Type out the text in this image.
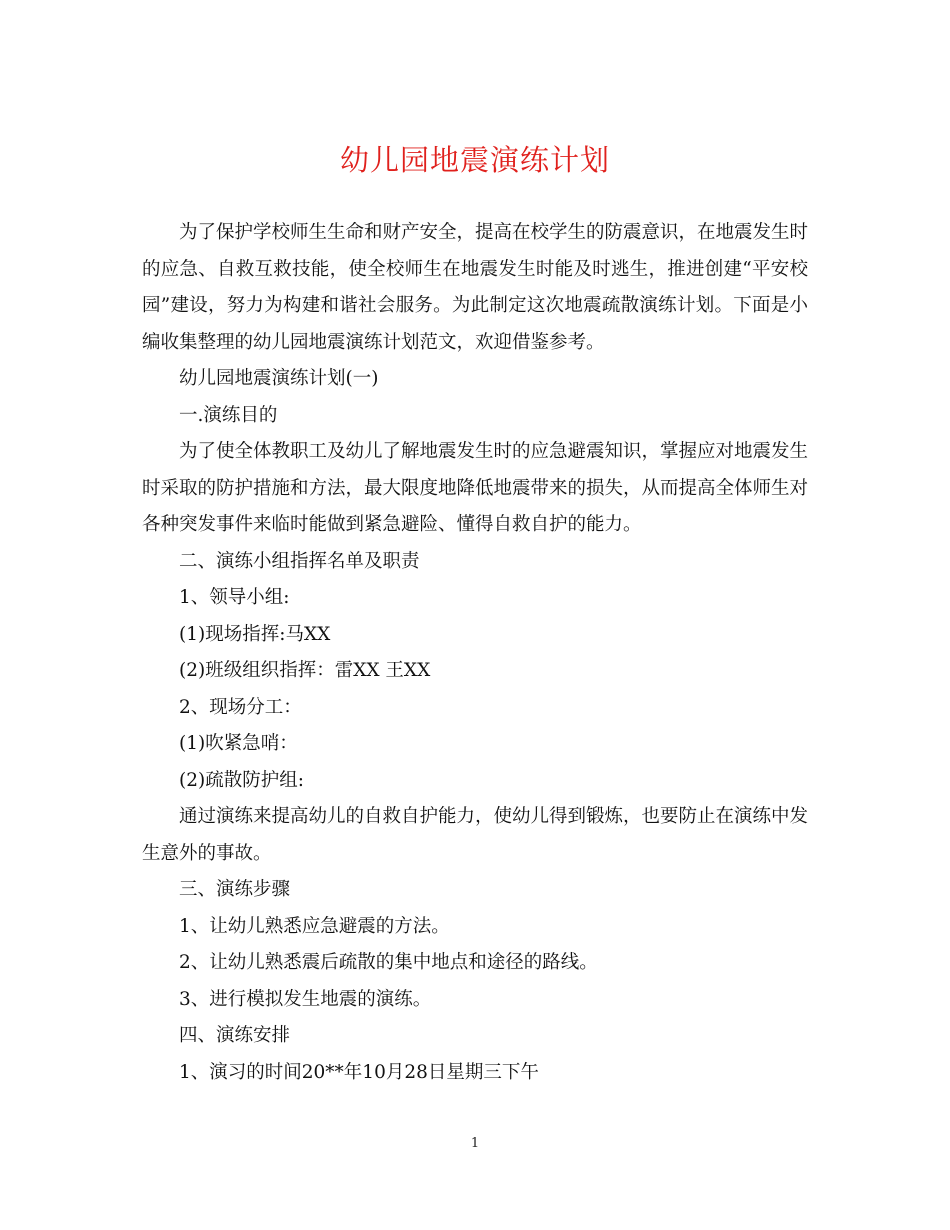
幼儿园地震演练计划

为了保护学校师生生命和财产安全，提高在校学生的防震意识，在地震发生时的应急、自救互救技能，使全校师生在地震发生时能及时逃生，推进创建“平安校园”建设，努力为构建和谐社会服务。为此制定这次地震疏散演练计划。下面是小编收集整理的幼儿园地震演练计划范文，欢迎借鉴参考。

幼儿园地震演练计划(一)

一.演练目的

为了使全体教职工及幼儿了解地震发生时的应急避震知识，掌握应对地震发生时采取的防护措施和方法，最大限度地降低地震带来的损失，从而提高全体师生对各种突发事件来临时能做到紧急避险、懂得自救自护的能力。

二、演练小组指挥名单及职责

1、领导小组:

(1)现场指挥:马XX

(2)班级组织指挥：雷XX 王XX

2、现场分工：

(1)吹紧急哨：

(2)疏散防护组:

通过演练来提高幼儿的自救自护能力，使幼儿得到锻炼，也要防止在演练中发生意外的事故。

三、演练步骤

1、让幼儿熟悉应急避震的方法。

2、让幼儿熟悉震后疏散的集中地点和途径的路线。

3、进行模拟发生地震的演练。

四、演练安排

1、演习的时间20**年10月28日星期三下午

1
